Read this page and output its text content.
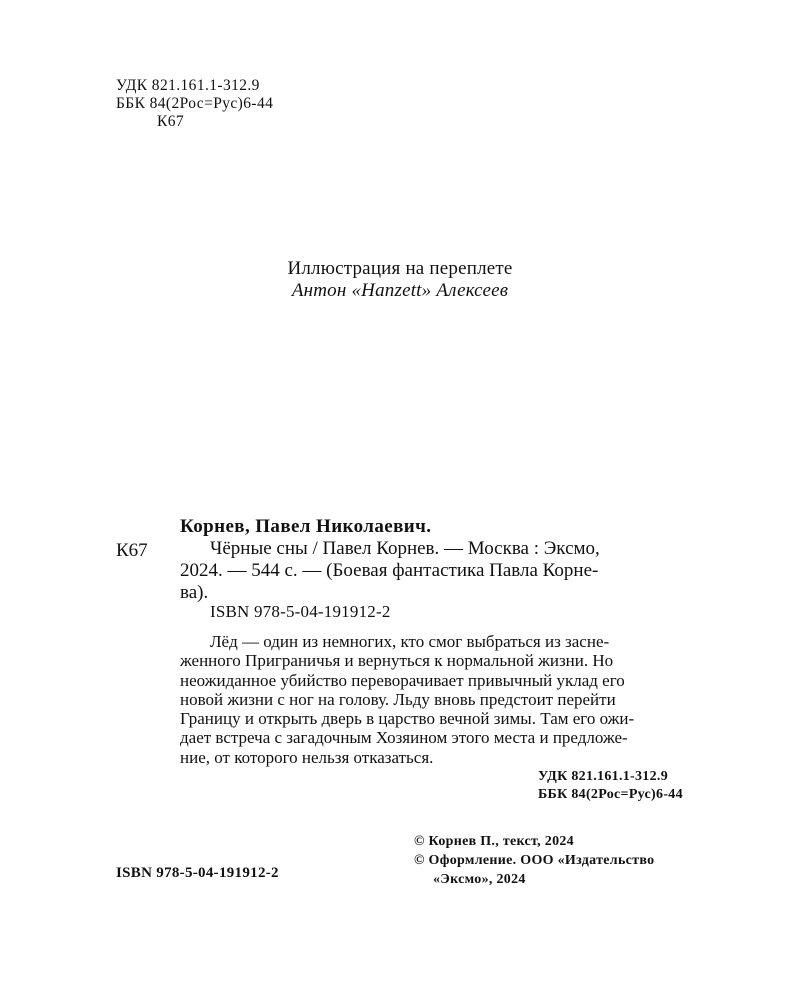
УДК 821.161.1-312.9
ББК 84(2Рос=Рус)6-44
К67
Иллюстрация на переплете
Антон «Hanzett» Алексеев
К67
Корнев, Павел Николаевич.
Чёрные сны / Павел Корнев. — Москва : Эксмо,
2024. — 544 с. — (Боевая фантастика Павла Корне-
ва).
ISBN 978-5-04-191912-2
Лёд — один из немногих, кто смог выбраться из засне-
женного Приграничья и вернуться к нормальной жизни. Но
неожиданное убийство переворачивает привычный уклад его
новой жизни с ног на голову. Льду вновь предстоит перейти
Границу и открыть дверь в царство вечной зимы. Там его ожи-
дает встреча с загадочным Хозяином этого места и предложе-
ние, от которого нельзя отказаться.
УДК 821.161.1-312.9
ББК 84(2Рос=Рус)6-44
© Корнев П., текст, 2024
© Оформление. ООО «Издательство
«Эксмо», 2024
ISBN 978-5-04-191912-2
